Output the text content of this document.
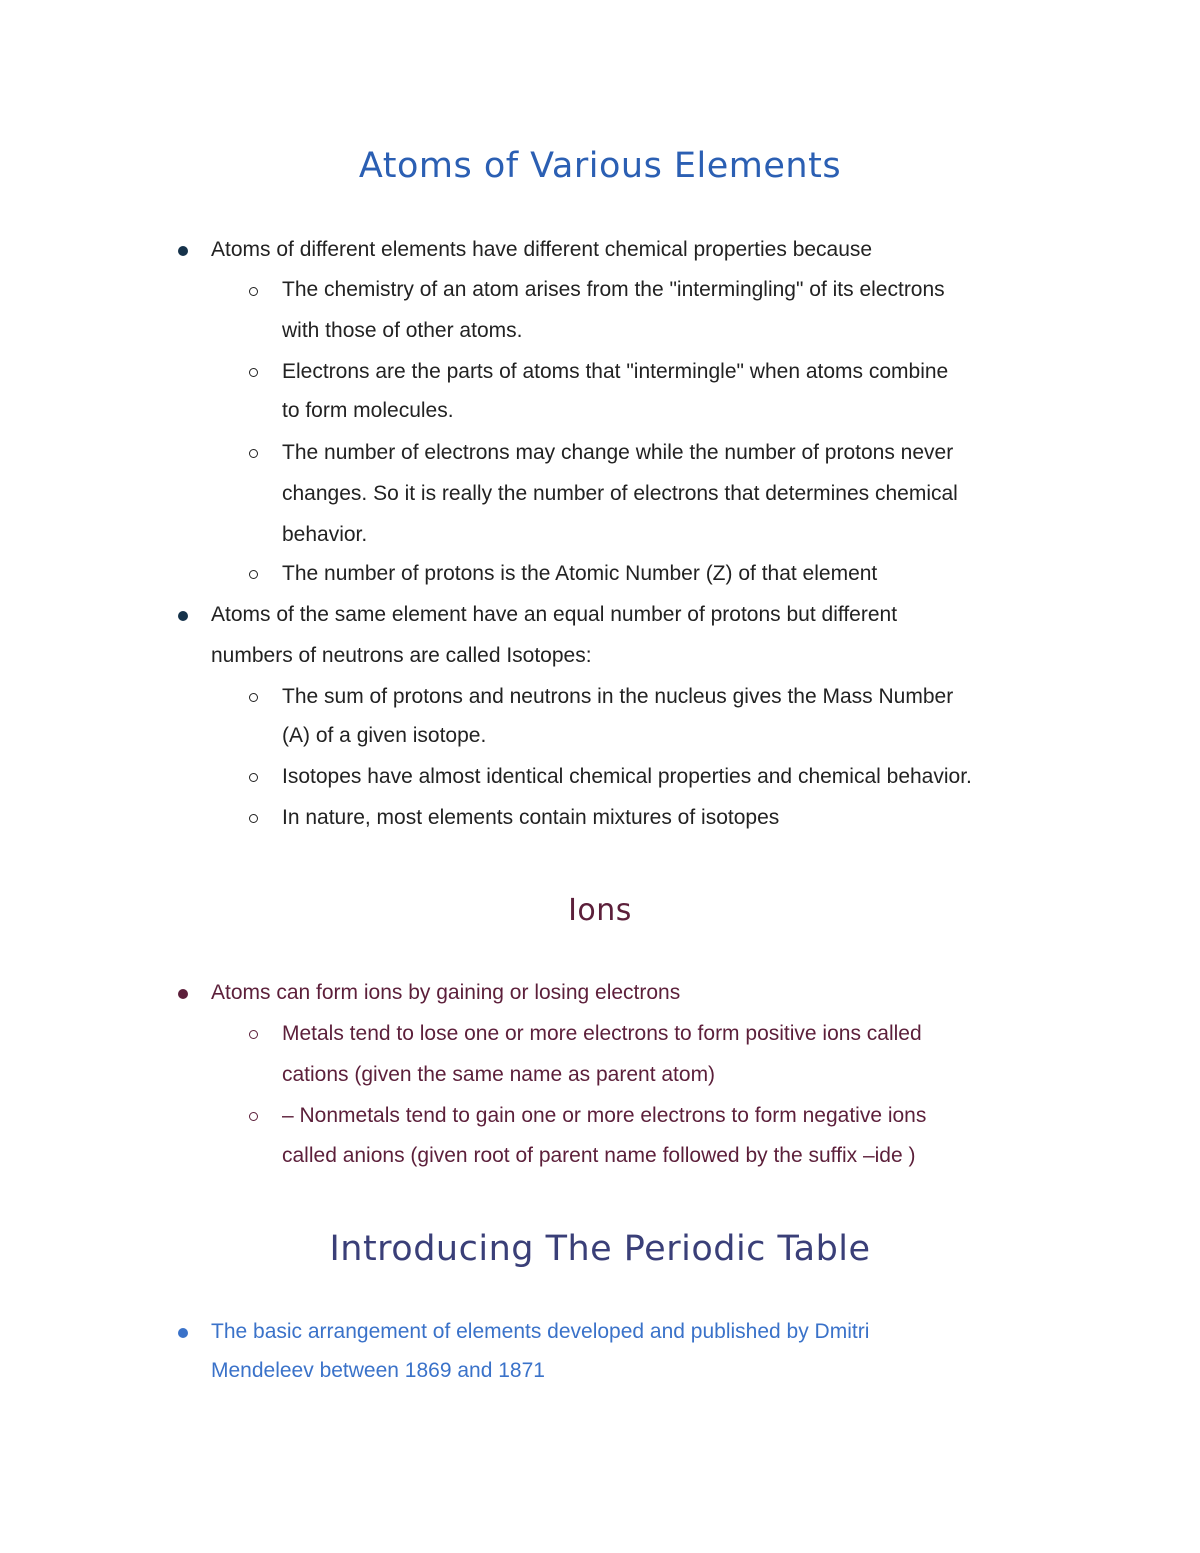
Atoms of Various Elements

Atoms of different elements have different chemical properties because

The chemistry of an atom arises from the "intermingling" of its electrons

with those of other atoms.

Electrons are the parts of atoms that "intermingle" when atoms combine

to form molecules.

The number of electrons may change while the number of protons never

changes. So it is really the number of electrons that determines chemical

behavior.

The number of protons is the Atomic Number (Z) of that element

Atoms of the same element have an equal number of protons but different

numbers of neutrons are called Isotopes:

The sum of protons and neutrons in the nucleus gives the Mass Number

(A) of a given isotope.

Isotopes have almost identical chemical properties and chemical behavior.

In nature, most elements contain mixtures of isotopes

Ions

Atoms can form ions by gaining or losing electrons

Metals tend to lose one or more electrons to form positive ions called

cations (given the same name as parent atom)

– Nonmetals tend to gain one or more electrons to form negative ions

called anions (given root of parent name followed by the suffix –ide )

Introducing The Periodic Table

The basic arrangement of elements developed and published by Dmitri

Mendeleev between 1869 and 1871
